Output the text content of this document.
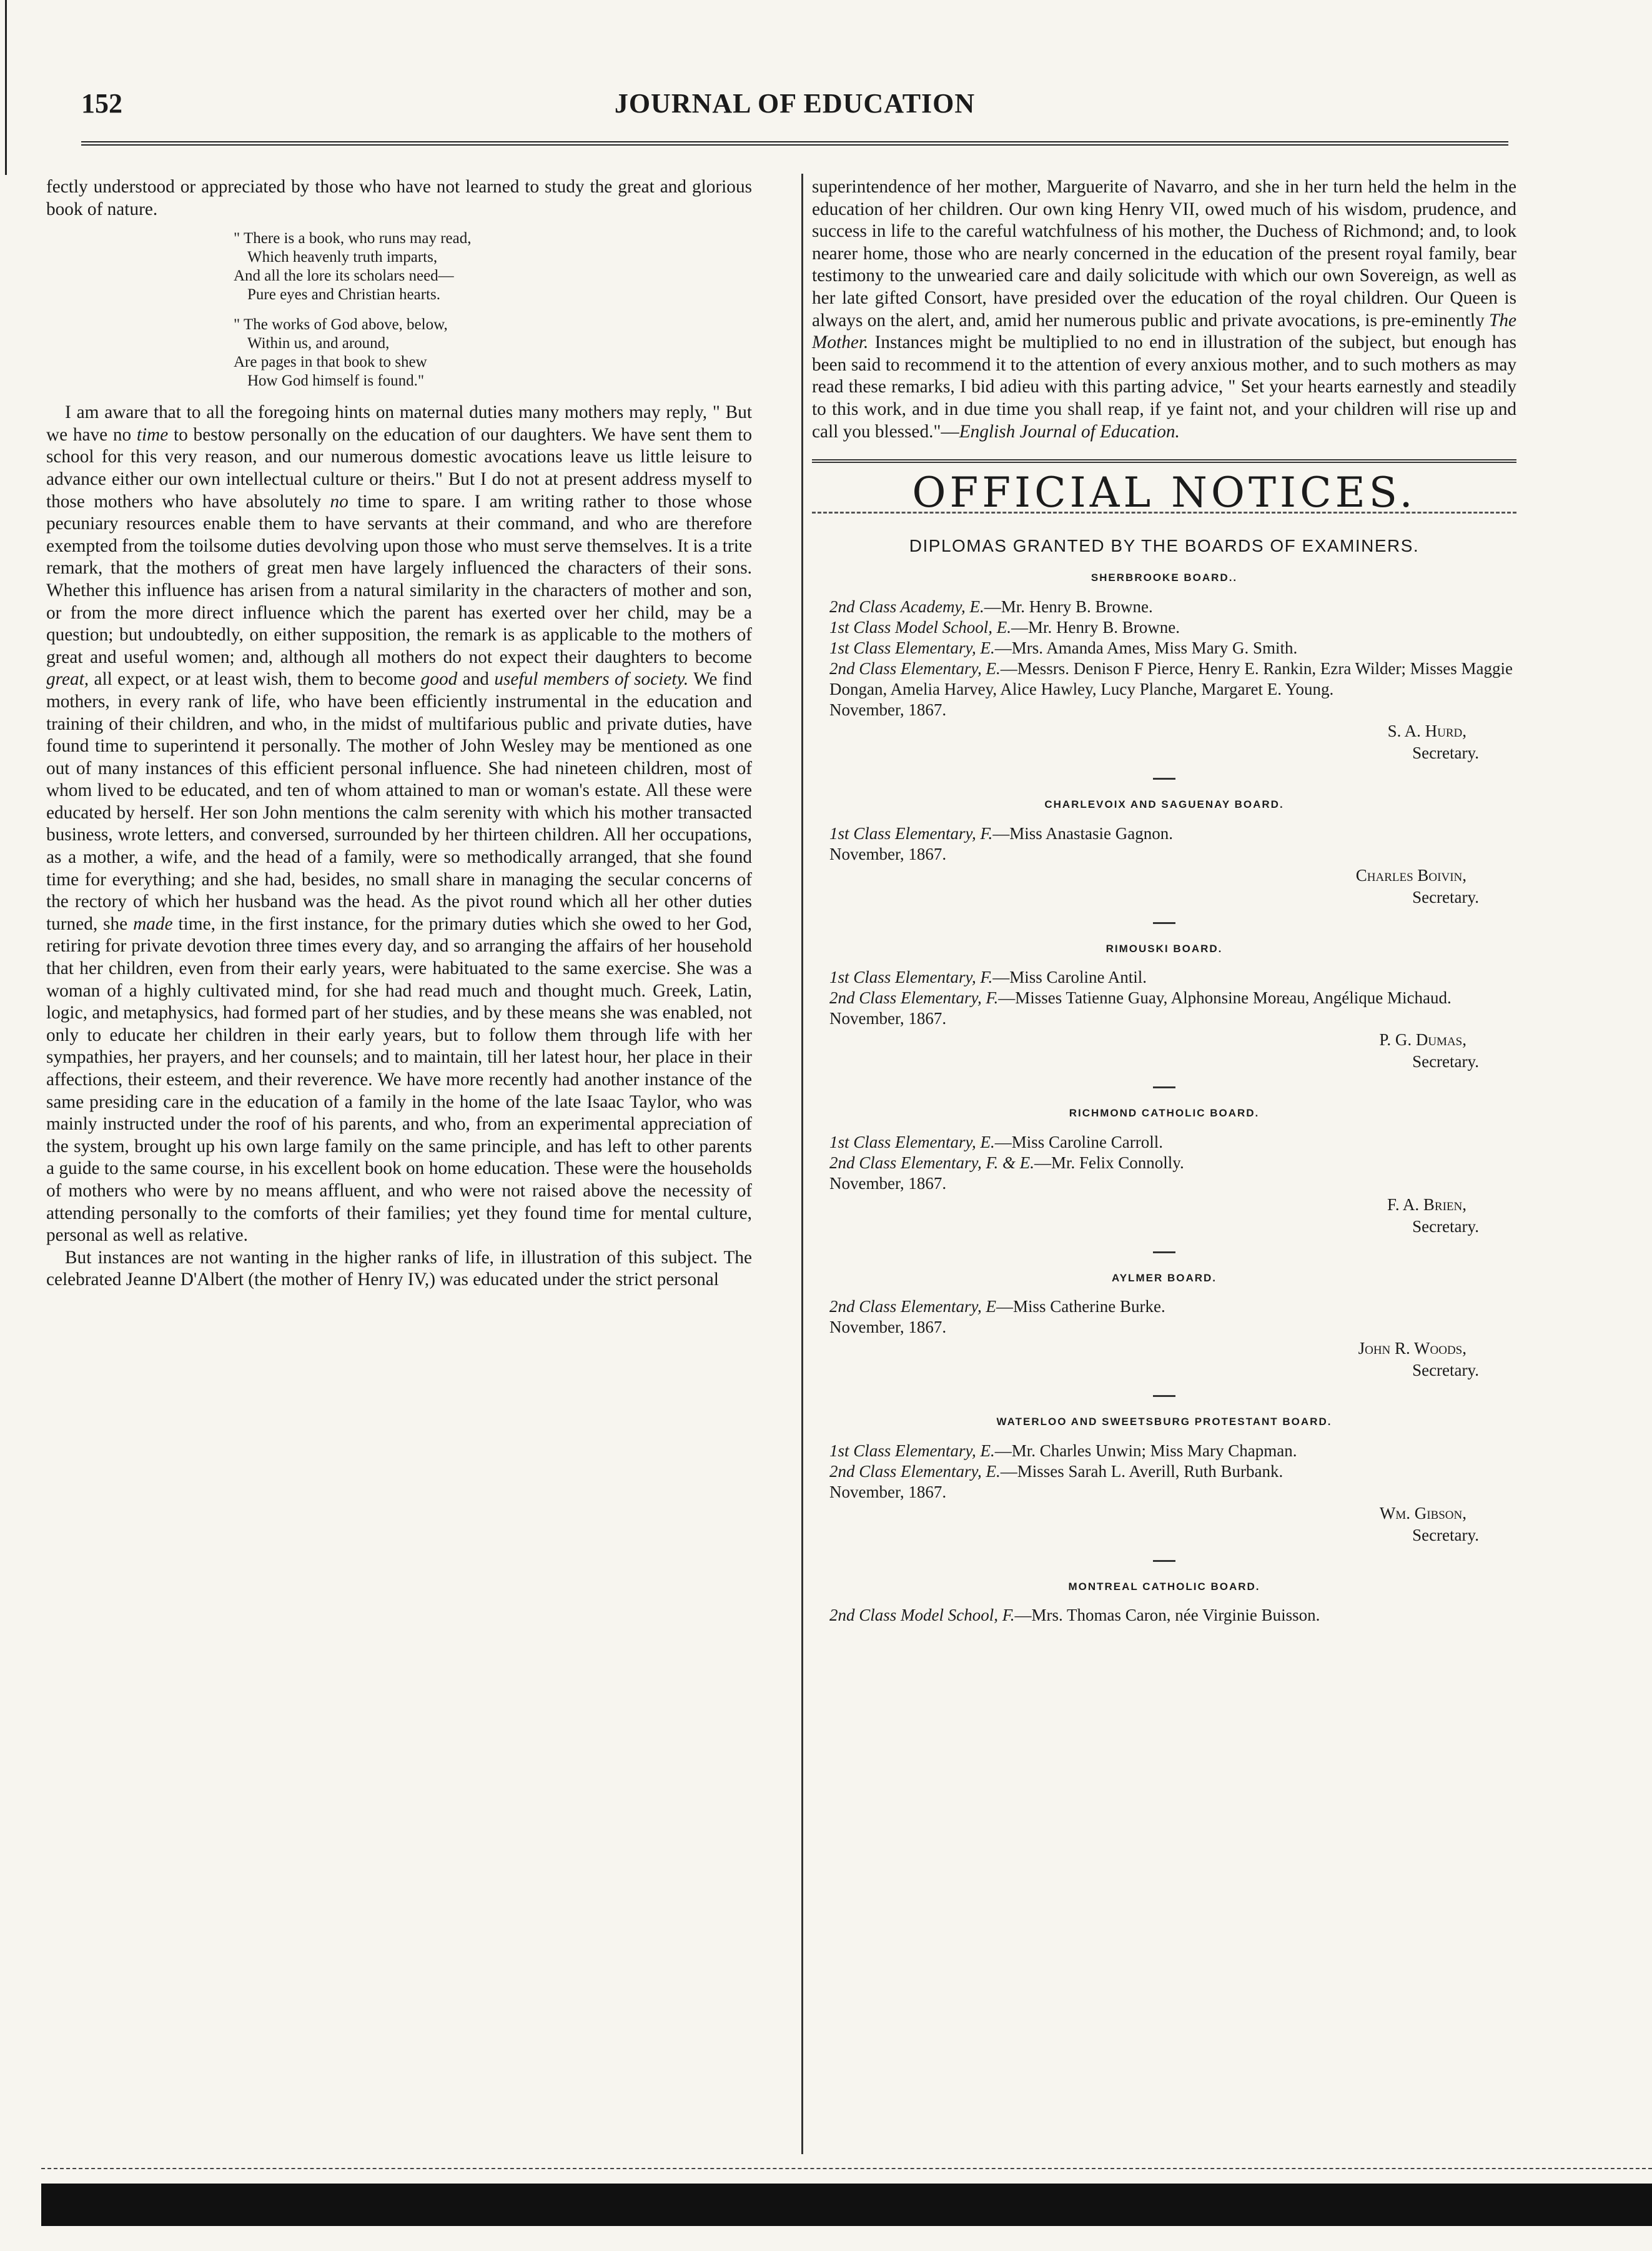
152	JOURNAL OF EDUCATION

fectly understood or appreciated by those who have not learned to study the great and glorious book of nature.

" There is a book, who runs may read,
Which heavenly truth imparts,
And all the lore its scholars need—
Pure eyes and Christian hearts.
" The works of God above, below,
Within us, and around,
Are pages in that book to shew
How God himself is found."

I am aware that to all the foregoing hints on maternal duties many mothers may reply, " But we have no time to bestow personally on the education of our daughters. We have sent them to school for this very reason, and our numerous domestic avocations leave us little leisure to advance either our own intellectual culture or theirs." But I do not at present address myself to those mothers who have absolutely no time to spare. I am writing rather to those whose pecuniary resources enable them to have servants at their command, and who are therefore exempted from the toilsome duties devolving upon those who must serve themselves. It is a trite remark, that the mothers of great men have largely influenced the characters of their sons. Whether this influence has arisen from a natural similarity in the characters of mother and son, or from the more direct influence which the parent has exerted over her child, may be a question; but undoubtedly, on either supposition, the remark is as applicable to the mothers of great and useful women; and, although all mothers do not expect their daughters to become great, all expect, or at least wish, them to become good and useful members of society. We find mothers, in every rank of life, who have been efficiently instrumental in the education and training of their children, and who, in the midst of multifarious public and private duties, have found time to superintend it personally. The mother of John Wesley may be mentioned as one out of many instances of this efficient personal influence. She had nineteen children, most of whom lived to be educated, and ten of whom attained to man or woman's estate. All these were educated by herself. Her son John mentions the calm serenity with which his mother transacted business, wrote letters, and conversed, surrounded by her thirteen children. All her occupations, as a mother, a wife, and the head of a family, were so methodically arranged, that she found time for everything; and she had, besides, no small share in managing the secular concerns of the rectory of which her husband was the head. As the pivot round which all her other duties turned, she made time, in the first instance, for the primary duties which she owed to her God, retiring for private devotion three times every day, and so arranging the affairs of her household that her children, even from their early years, were habituated to the same exercise. She was a woman of a highly cultivated mind, for she had read much and thought much. Greek, Latin, logic, and metaphysics, had formed part of her studies, and by these means she was enabled, not only to educate her children in their early years, but to follow them through life with her sympathies, her prayers, and her counsels; and to maintain, till her latest hour, her place in their affections, their esteem, and their reverence. We have more recently had another instance of the same presiding care in the education of a family in the home of the late Isaac Taylor, who was mainly instructed under the roof of his parents, and who, from an experimental appreciation of the system, brought up his own large family on the same principle, and has left to other parents a guide to the same course, in his excellent book on home education. These were the households of mothers who were by no means affluent, and who were not raised above the necessity of attending personally to the comforts of their families; yet they found time for mental culture, personal as well as relative.

But instances are not wanting in the higher ranks of life, in illustration of this subject. The celebrated Jeanne D'Albert (the mother of Henry IV,) was educated under the strict personal

superintendence of her mother, Marguerite of Navarro, and she in her turn held the helm in the education of her children. Our own king Henry VII, owed much of his wisdom, prudence, and success in life to the careful watchfulness of his mother, the Duchess of Richmond; and, to look nearer home, those who are nearly concerned in the education of the present royal family, bear testimony to the unwearied care and daily solicitude with which our own Sovereign, as well as her late gifted Consort, have presided over the education of the royal children. Our Queen is always on the alert, and, amid her numerous public and private avocations, is pre-eminently The Mother. Instances might be multiplied to no end in illustration of the subject, but enough has been said to recommend it to the attention of every anxious mother, and to such mothers as may read these remarks, I bid adieu with this parting advice, " Set your hearts earnestly and steadily to this work, and in due time you shall reap, if ye faint not, and your children will rise up and call you blessed."—English Journal of Education.

OFFICIAL NOTICES.
DIPLOMAS GRANTED BY THE BOARDS OF EXAMINERS.
SHERBROOKE BOARD..
2nd Class Academy, E.—Mr. Henry B. Browne.
1st Class Model School, E.—Mr. Henry B. Browne.
1st Class Elementary, E.—Mrs. Amanda Ames, Miss Mary G. Smith.
2nd Class Elementary, E.—Messrs. Denison F Pierce, Henry E. Rankin, Ezra Wilder; Misses Maggie Dongan, Amelia Harvey, Alice Hawley, Lucy Planche, Margaret E. Young.
November, 1867.
S. A. Hurd,
Secretary.
CHARLEVOIX AND SAGUENAY BOARD.
1st Class Elementary, F.—Miss Anastasie Gagnon.
November, 1867.
Charles Boivin,
Secretary.
RIMOUSKI BOARD.
1st Class Elementary, F.—Miss Caroline Antil.
2nd Class Elementary, F.—Misses Tatienne Guay, Alphonsine Moreau, Angélique Michaud.
November, 1867.
P. G. Dumas,
Secretary.
RICHMOND CATHOLIC BOARD.
1st Class Elementary, E.—Miss Caroline Carroll.
2nd Class Elementary, F. & E.—Mr. Felix Connolly.
November, 1867.
F. A. Brien,
Secretary.
AYLMER BOARD.
2nd Class Elementary, E—Miss Catherine Burke.
November, 1867.
John R. Woods,
Secretary.
WATERLOO AND SWEETSBURG PROTESTANT BOARD.
1st Class Elementary, E.—Mr. Charles Unwin; Miss Mary Chapman.
2nd Class Elementary, E.—Misses Sarah L. Averill, Ruth Burbank.
November, 1867.
Wm. Gibson,
Secretary.
MONTREAL CATHOLIC BOARD.
2nd Class Model School, F.—Mrs. Thomas Caron, née Virginie Buisson.
